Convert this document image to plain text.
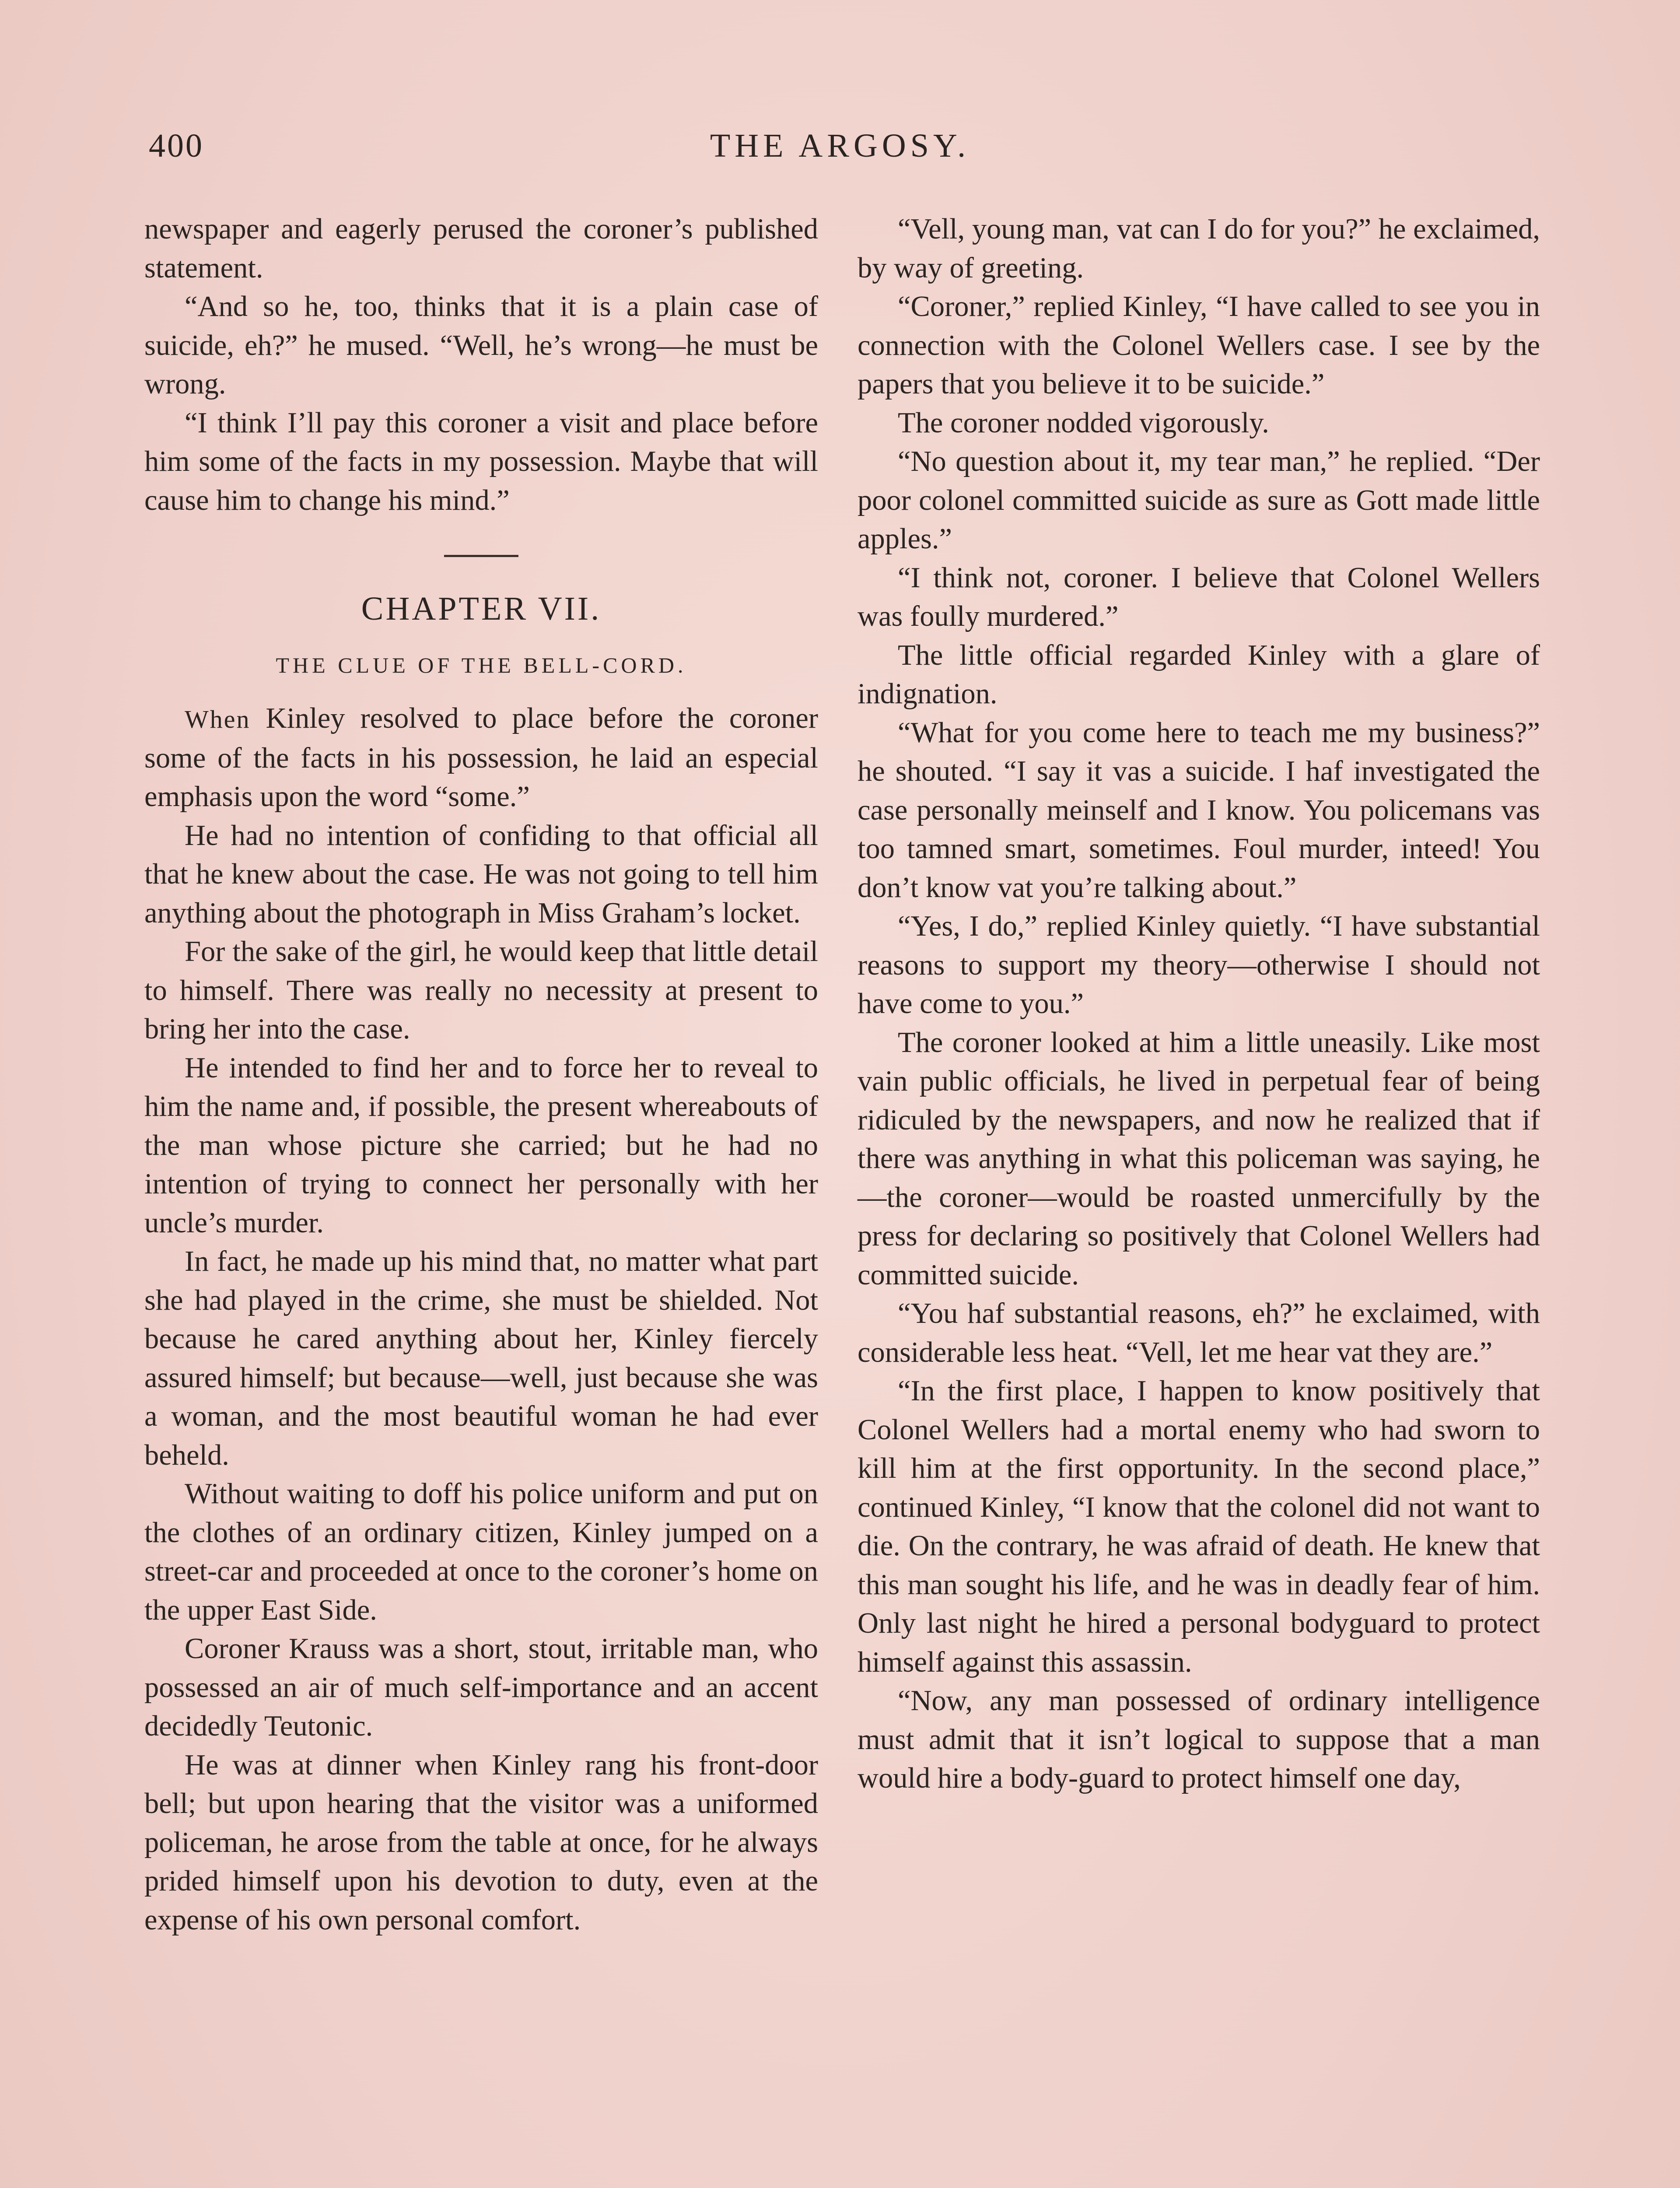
400	THE ARGOSY.

newspaper and eagerly perused the coroner’s published statement.

“And so he, too, thinks that it is a plain case of suicide, eh?” he mused. “Well, he’s wrong—he must be wrong.

“I think I’ll pay this coroner a visit and place before him some of the facts in my possession. Maybe that will cause him to change his mind.”

CHAPTER VII.
THE CLUE OF THE BELL-CORD.

When Kinley resolved to place before the coroner some of the facts in his possession, he laid an especial emphasis upon the word “some.”

He had no intention of confiding to that official all that he knew about the case. He was not going to tell him anything about the photograph in Miss Graham’s locket.

For the sake of the girl, he would keep that little detail to himself. There was really no necessity at present to bring her into the case.

He intended to find her and to force her to reveal to him the name and, if possible, the present whereabouts of the man whose picture she carried; but he had no intention of trying to connect her personally with her uncle’s murder.

In fact, he made up his mind that, no matter what part she had played in the crime, she must be shielded. Not because he cared anything about her, Kinley fiercely assured himself; but because—well, just because she was a woman, and the most beautiful woman he had ever beheld.

Without waiting to doff his police uniform and put on the clothes of an ordinary citizen, Kinley jumped on a street-car and proceeded at once to the coroner’s home on the upper East Side.

Coroner Krauss was a short, stout, irritable man, who possessed an air of much self-importance and an accent decidedly Teutonic.

He was at dinner when Kinley rang his front-door bell; but upon hearing that the visitor was a uniformed policeman, he arose from the table at once, for he always prided himself upon his devotion to duty, even at the expense of his own personal comfort.

“Vell, young man, vat can I do for you?” he exclaimed, by way of greeting.

“Coroner,” replied Kinley, “I have called to see you in connection with the Colonel Wellers case. I see by the papers that you believe it to be suicide.”

The coroner nodded vigorously.

“No question about it, my tear man,” he replied. “Der poor colonel committed suicide as sure as Gott made little apples.”

“I think not, coroner. I believe that Colonel Wellers was foully murdered.”

The little official regarded Kinley with a glare of indignation.

“What for you come here to teach me my business?” he shouted. “I say it vas a suicide. I haf investigated the case personally meinself and I know. You policemans vas too tamned smart, sometimes. Foul murder, inteed! You don’t know vat you’re talking about.”

“Yes, I do,” replied Kinley quietly. “I have substantial reasons to support my theory—otherwise I should not have come to you.”

The coroner looked at him a little uneasily. Like most vain public officials, he lived in perpetual fear of being ridiculed by the newspapers, and now he realized that if there was anything in what this policeman was saying, he—the coroner—would be roasted unmercifully by the press for declaring so positively that Colonel Wellers had committed suicide.

“You haf substantial reasons, eh?” he exclaimed, with considerable less heat. “Vell, let me hear vat they are.”

“In the first place, I happen to know positively that Colonel Wellers had a mortal enemy who had sworn to kill him at the first opportunity. In the second place,” continued Kinley, “I know that the colonel did not want to die. On the contrary, he was afraid of death. He knew that this man sought his life, and he was in deadly fear of him. Only last night he hired a personal bodyguard to protect himself against this assassin.

“Now, any man possessed of ordinary intelligence must admit that it isn’t logical to suppose that a man would hire a body-guard to protect himself one day,
